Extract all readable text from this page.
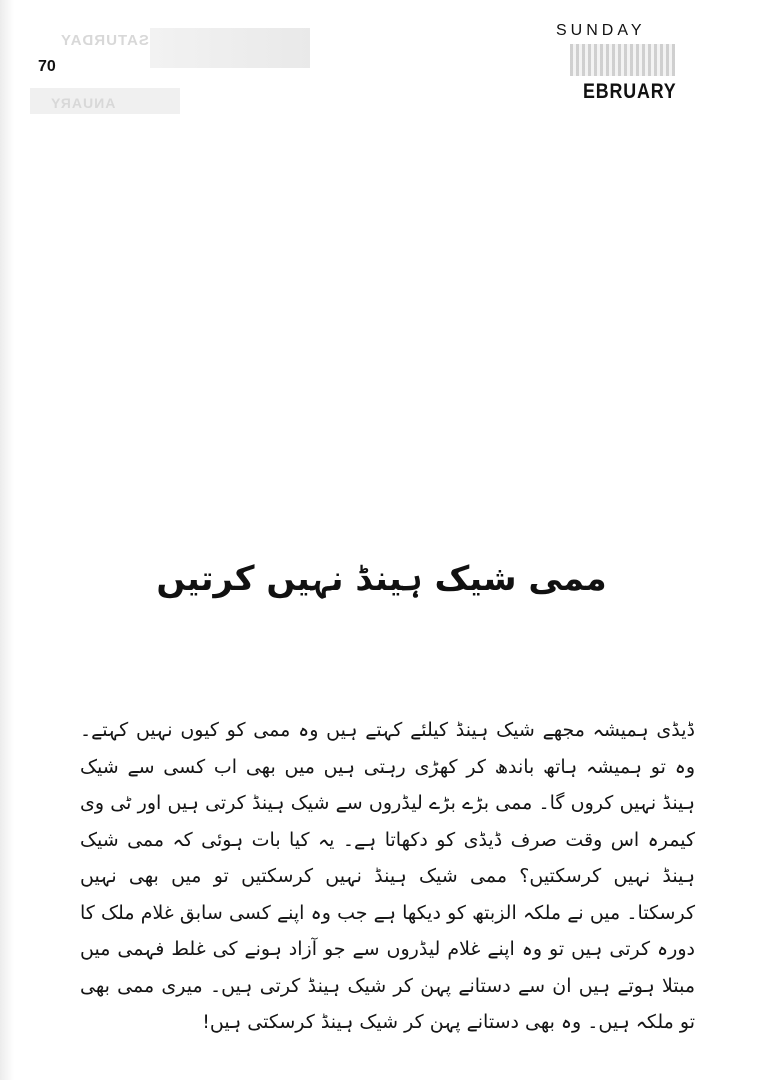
SATURDAY
ANUARY
70
SUNDAY
EBRUARY
ممی شیک ہینڈ نہیں کرتیں

ڈیڈی ہمیشہ مجھے شیک ہینڈ کیلئے کہتے ہیں وہ ممی کو کیوں نہیں کہتے۔ وہ تو ہمیشہ ہاتھ باندھ کر کھڑی رہتی ہیں میں بھی اب کسی سے شیک ہینڈ نہیں کروں گا۔ ممی بڑے بڑے لیڈروں سے شیک ہینڈ کرتی ہیں اور ٹی وی کیمرہ اس وقت صرف ڈیڈی کو دکھاتا ہے۔ یہ کیا بات ہوئی کہ ممی شیک ہینڈ نہیں کرسکتیں؟ ممی شیک ہینڈ نہیں کرسکتیں تو میں بھی نہیں کرسکتا۔ میں نے ملکہ الزبتھ کو دیکھا ہے جب وہ اپنے کسی سابق غلام ملک کا دورہ کرتی ہیں تو وہ اپنے غلام لیڈروں سے جو آزاد ہونے کی غلط فہمی میں مبتلا ہوتے ہیں ان سے دستانے پہن کر شیک ہینڈ کرتی ہیں۔ میری ممی بھی تو ملکہ ہیں۔ وہ بھی دستانے پہن کر شیک ہینڈ کرسکتی ہیں!
